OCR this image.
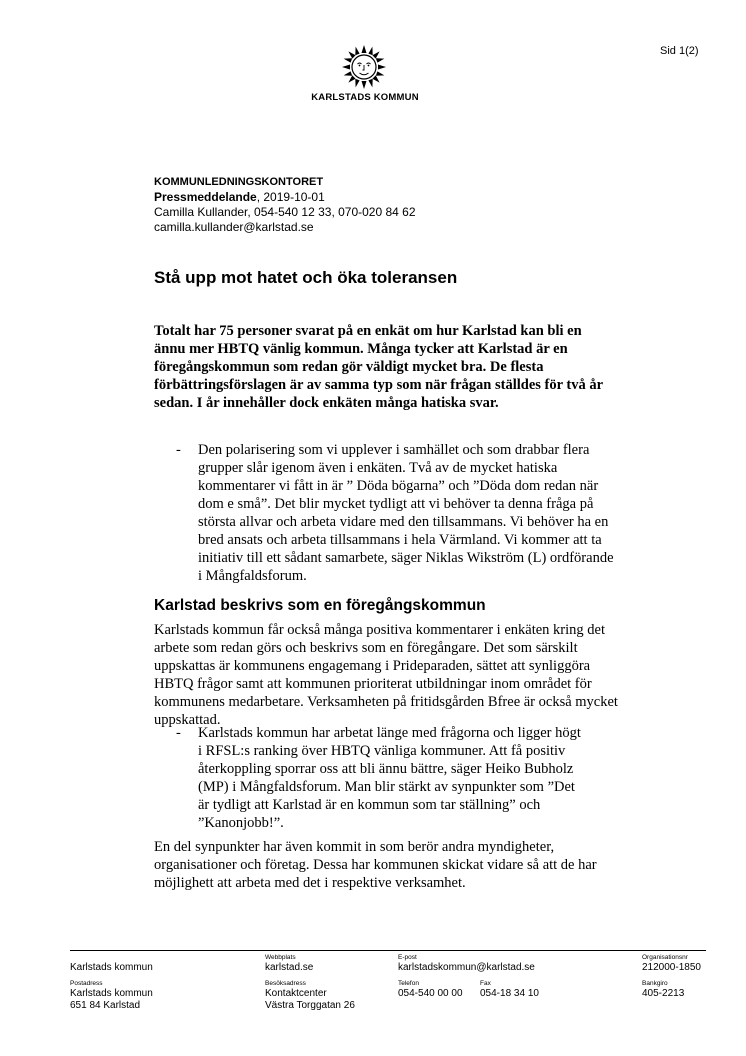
Sid 1(2)
KARLSTADS KOMMUN
KOMMUNLEDNINGSKONTORET
Pressmeddelande, 2019-10-01
Camilla Kullander, 054-540 12 33, 070-020 84 62
camilla.kullander@karlstad.se
Stå upp mot hatet och öka toleransen

Totalt har 75 personer svarat på en enkät om hur Karlstad kan bli en ännu mer HBTQ vänlig kommun. Många tycker att Karlstad är en föregångskommun som redan gör väldigt mycket bra. De flesta förbättringsförslagen är av samma typ som när frågan ställdes för två år sedan. I år innehåller dock enkäten många hatiska svar.

-	Den polarisering som vi upplever i samhället och som drabbar flera grupper slår igenom även i enkäten. Två av de mycket hatiska kommentarer vi fått in är ” Döda bögarna” och ”Döda dom redan när dom e små”. Det blir mycket tydligt att vi behöver ta denna fråga på största allvar och arbeta vidare med den tillsammans. Vi behöver ha en bred ansats och arbeta tillsammans i hela Värmland. Vi kommer att ta initiativ till ett sådant samarbete, säger Niklas Wikström (L) ordförande i Mångfaldsforum.
Karlstad beskrivs som en föregångskommun

Karlstads kommun får också många positiva kommentarer i enkäten kring det arbete som redan görs och beskrivs som en föregångare. Det som särskilt uppskattas är kommunens engagemang i Prideparaden, sättet att synliggöra HBTQ frågor samt att kommunen prioriterat utbildningar inom området för kommunens medarbetare. Verksamheten på fritidsgården Bfree är också mycket uppskattad.

-	Karlstads kommun har arbetat länge med frågorna och ligger högt i RFSL:s ranking över HBTQ vänliga kommuner. Att få positiv återkoppling sporrar oss att bli ännu bättre, säger Heiko Bubholz (MP) i Mångfaldsforum. Man blir stärkt av synpunkter som ”Det är tydligt att Karlstad är en kommun som tar ställning” och ”Kanonjobb!”.

En del synpunkter har även kommit in som berör andra myndigheter, organisationer och företag. Dessa har kommunen skickat vidare så att de har möjlighett att arbeta med det i respektive verksamhet.

Karlstads kommun
Webbplats
karlstad.se
E-post
karlstadskommun@karlstad.se
Organisationsnr
212000-1850
Postadress
Karlstads kommun
651 84 Karlstad
Besöksadress
Kontaktcenter
Västra Torggatan 26
Telefon
054-540 00 00
Fax
054-18 34 10
Bankgiro
405-2213
